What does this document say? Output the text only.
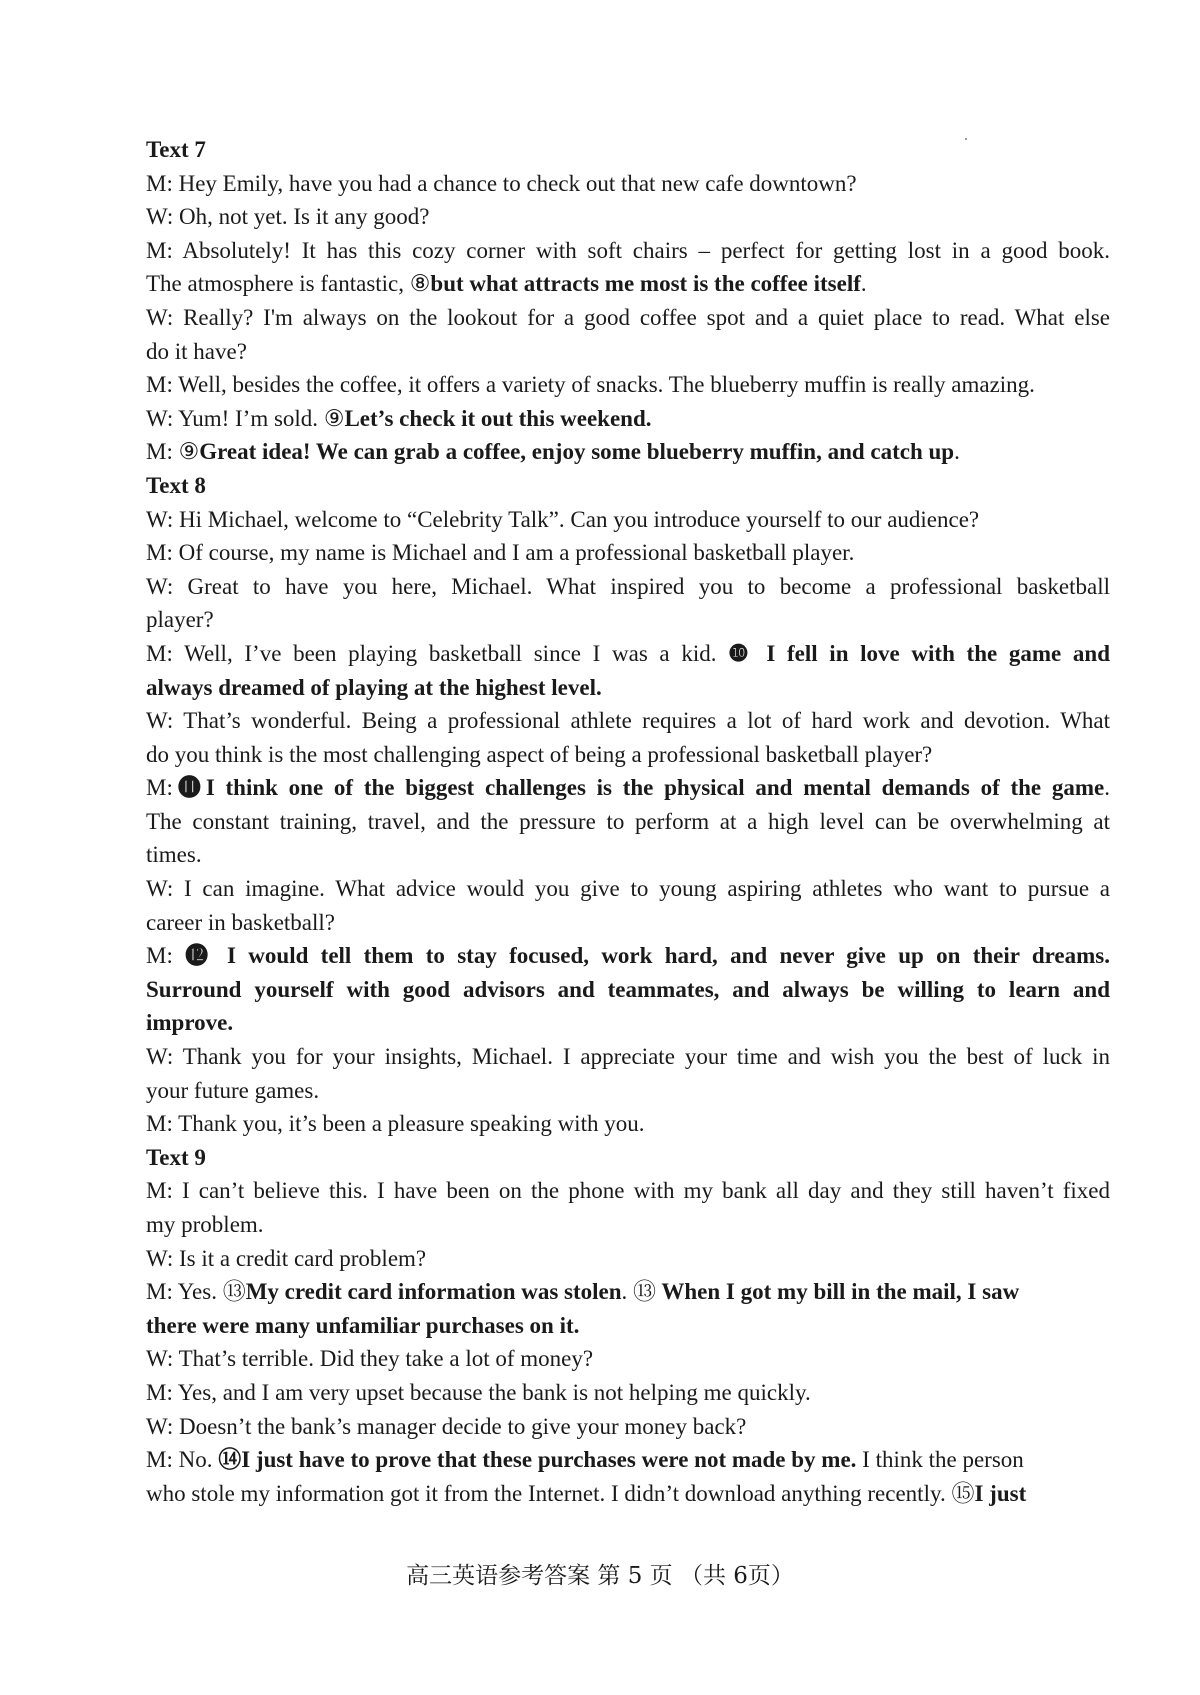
Text 7
M: Hey Emily, have you had a chance to check out that new cafe downtown?
W: Oh, not yet. Is it any good?
M: Absolutely! It has this cozy corner with soft chairs – perfect for getting lost in a good book.
The atmosphere is fantastic, ⑧but what attracts me most is the coffee itself.
W: Really? I'm always on the lookout for a good coffee spot and a quiet place to read. What else
do it have?
M: Well, besides the coffee, it offers a variety of snacks. The blueberry muffin is really amazing.
W: Yum! I’m sold. ⑨Let’s check it out this weekend.
M: ⑨Great idea! We can grab a coffee, enjoy some blueberry muffin, and catch up.
Text 8
W: Hi Michael, welcome to “Celebrity Talk”. Can you introduce yourself to our audience?
M: Of course, my name is Michael and I am a professional basketball player.
W: Great to have you here, Michael. What inspired you to become a professional basketball
player?
M: Well, I’ve been playing basketball since I was a kid. ❿ I fell in love with the game and
always dreamed of playing at the highest level.
W: That’s wonderful. Being a professional athlete requires a lot of hard work and devotion. What
do you think is the most challenging aspect of being a professional basketball player?
M:⓫I think one of the biggest challenges is the physical and mental demands of the game.
The constant training, travel, and the pressure to perform at a high level can be overwhelming at
times.
W: I can imagine. What advice would you give to young aspiring athletes who want to pursue a
career in basketball?
M: ⓬ I would tell them to stay focused, work hard, and never give up on their dreams.
Surround yourself with good advisors and teammates, and always be willing to learn and
improve.
W: Thank you for your insights, Michael. I appreciate your time and wish you the best of luck in
your future games.
M: Thank you, it’s been a pleasure speaking with you.
Text 9
M: I can’t believe this. I have been on the phone with my bank all day and they still haven’t fixed
my problem.
W: Is it a credit card problem?
M: Yes. ⑬My credit card information was stolen. ⑬ When I got my bill in the mail, I saw
there were many unfamiliar purchases on it.
W: That’s terrible. Did they take a lot of money?
M: Yes, and I am very upset because the bank is not helping me quickly.
W: Doesn’t the bank’s manager decide to give your money back?
M: No. ⑭I just have to prove that these purchases were not made by me. I think the person
who stole my information got it from the Internet. I didn’t download anything recently. ⑮I just
高三英语参考答案 第 5 页 （共 6页）
